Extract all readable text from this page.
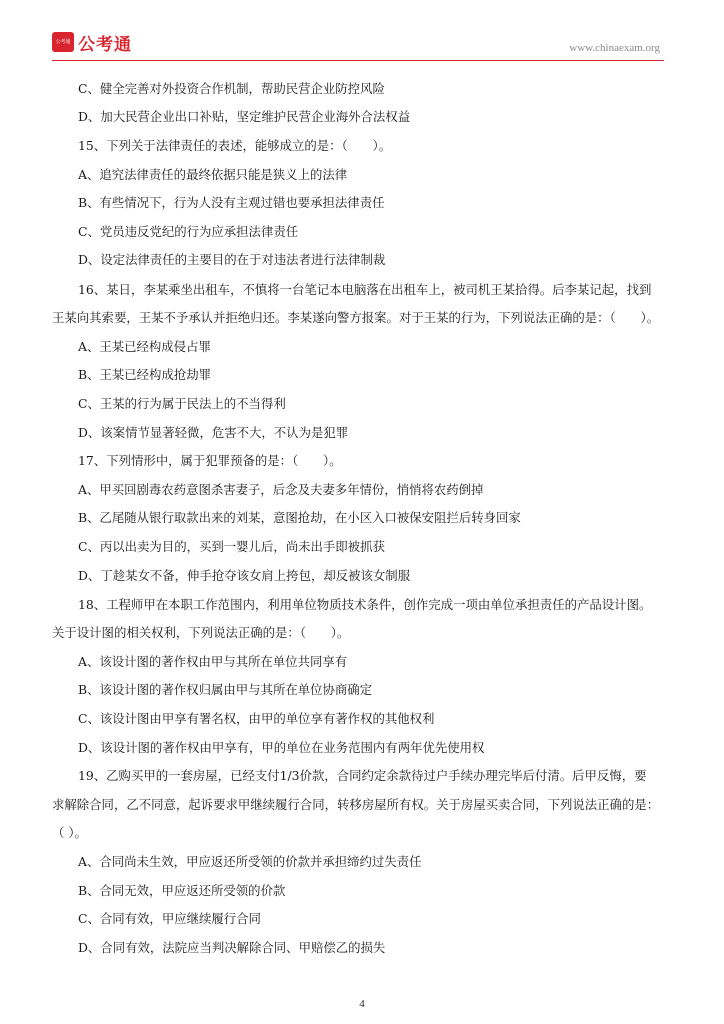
公考通 公考通	www.chinaexam.org
C、健全完善对外投资合作机制，帮助民营企业防控风险
D、加大民营企业出口补贴，坚定维护民营企业海外合法权益
15、下列关于法律责任的表述，能够成立的是：（　　）。
A、追究法律责任的最终依据只能是狭义上的法律
B、有些情况下，行为人没有主观过错也要承担法律责任
C、党员违反党纪的行为应承担法律责任
D、设定法律责任的主要目的在于对违法者进行法律制裁
16、某日，李某乘坐出租车，不慎将一台笔记本电脑落在出租车上，被司机王某拾得。后李某记起，找到
王某向其索要，王某不予承认并拒绝归还。李某遂向警方报案。对于王某的行为，下列说法正确的是：（　　）。
A、王某已经构成侵占罪
B、王某已经构成抢劫罪
C、王某的行为属于民法上的不当得利
D、该案情节显著轻微，危害不大，不认为是犯罪
17、下列情形中，属于犯罪预备的是：（　　）。
A、甲买回剧毒农药意图杀害妻子，后念及夫妻多年情份，悄悄将农药倒掉
B、乙尾随从银行取款出来的刘某，意图抢劫，在小区入口被保安阻拦后转身回家
C、丙以出卖为目的，买到一婴儿后，尚未出手即被抓获
D、丁趁某女不备，伸手抢夺该女肩上挎包，却反被该女制服
18、工程师甲在本职工作范围内，利用单位物质技术条件，创作完成一项由单位承担责任的产品设计图。
关于设计图的相关权利，下列说法正确的是：（　　）。
A、该设计图的著作权由甲与其所在单位共同享有
B、该设计图的著作权归属由甲与其所在单位协商确定
C、该设计图由甲享有署名权，由甲的单位享有著作权的其他权利
D、该设计图的著作权由甲享有，甲的单位在业务范围内有两年优先使用权
19、乙购买甲的一套房屋，已经支付1/3价款，合同约定余款待过户手续办理完毕后付清。后甲反悔，要
求解除合同，乙不同意，起诉要求甲继续履行合同，转移房屋所有权。关于房屋买卖合同，下列说法正确的是：
（ ）。
A、合同尚未生效，甲应返还所受领的价款并承担缔约过失责任
B、合同无效，甲应返还所受领的价款
C、合同有效，甲应继续履行合同
D、合同有效，法院应当判决解除合同、甲赔偿乙的损失
4
